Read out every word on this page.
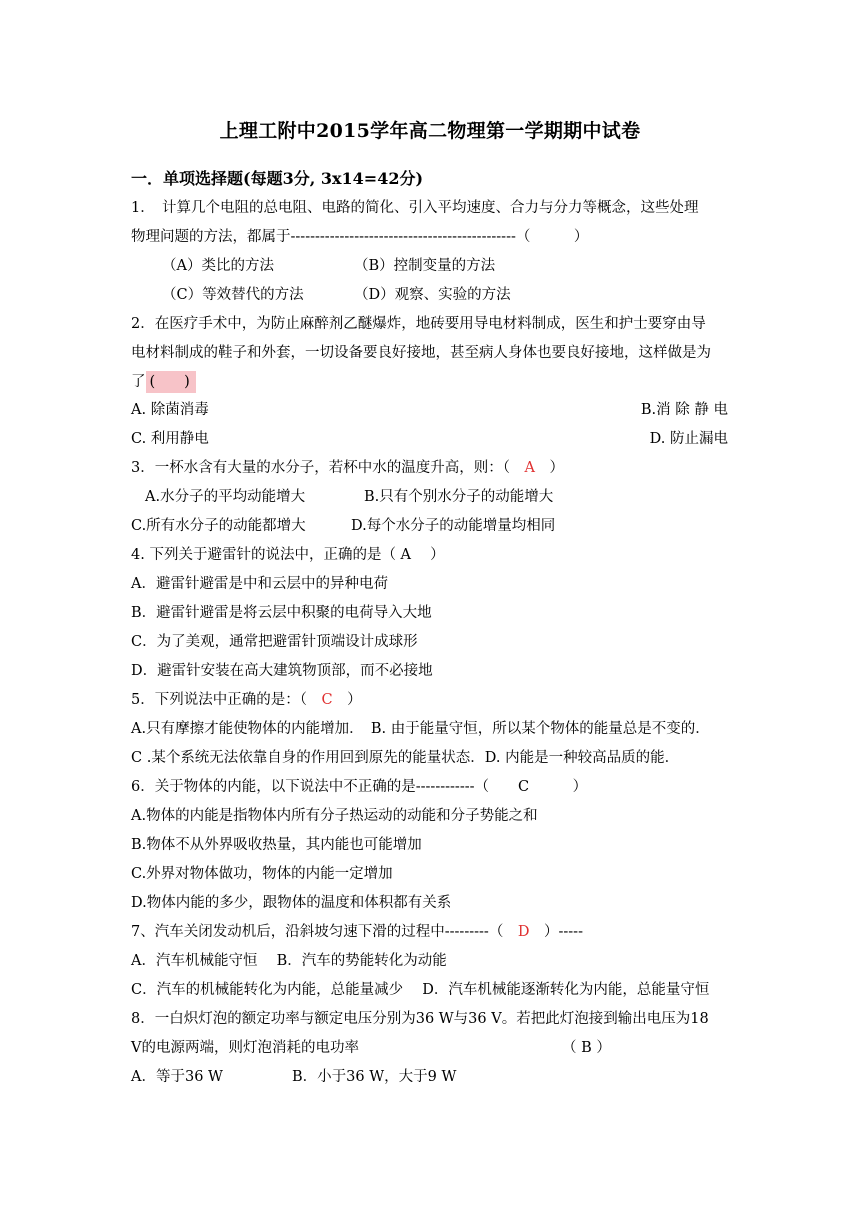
上理工附中2015学年高二物理第一学期期中试卷
一．单项选择题(每题3分, 3x14=42分)
1．　计算几个电阻的总电阻、电路的简化、引入平均速度、合力与分力等概念，这些处理
物理问题的方法，都属于----------------------------------------------（　　　）
（A）类比的方法	（B）控制变量的方法
（C）等效替代的方法	（D）观察、实验的方法
2．在医疗手术中，为防止麻醉剂乙醚爆炸，地砖要用导电材料制成，医生和护士要穿由导
电材料制成的鞋子和外套，一切设备要良好接地，甚至病人身体也要良好接地，这样做是为
了 (　　)
A. 除菌消毒	B.消 除 静 电
C. 利用静电	D. 防止漏电
3．一杯水含有大量的水分子，若杯中水的温度升高，则：（　 A　 ）
A.水分子的平均动能增大	B.只有个别水分子的动能增大
C.所有水分子的动能都增大	D.每个水分子的动能增量均相同
4. 下列关于避雷针的说法中，正确的是（ A　 ）
A．避雷针避雷是中和云层中的异种电荷
B．避雷针避雷是将云层中积聚的电荷导入大地
C．为了美观，通常把避雷针顶端设计成球形
D．避雷针安装在高大建筑物顶部，而不必接地
5．下列说法中正确的是：（　 C　 ）
A.只有摩擦才能使物体的内能增加．　B. 由于能量守恒，所以某个物体的能量总是不变的．
C .某个系统无法依靠自身的作用回到原先的能量状态．D. 内能是一种较高品质的能．
6．关于物体的内能，以下说法中不正确的是------------（　　C　　　）
A.物体的内能是指物体内所有分子热运动的动能和分子势能之和
B.物体不从外界吸收热量，其内能也可能增加
C.外界对物体做功，物体的内能一定增加
D.物体内能的多少，跟物体的温度和体积都有关系
7、汽车关闭发动机后，沿斜坡匀速下滑的过程中---------（　 D　 ）-----
A．汽车机械能守恒　 B．汽车的势能转化为动能
C．汽车的机械能转化为内能，总能量减少　 D．汽车机械能逐渐转化为内能，总能量守恒
8．一白炽灯泡的额定功率与额定电压分别为36 W与36 V。若把此灯泡接到输出电压为18
V的电源两端，则灯泡消耗的电功率	（ B ）
A．等于36 W	B．小于36 W，大于9 W
